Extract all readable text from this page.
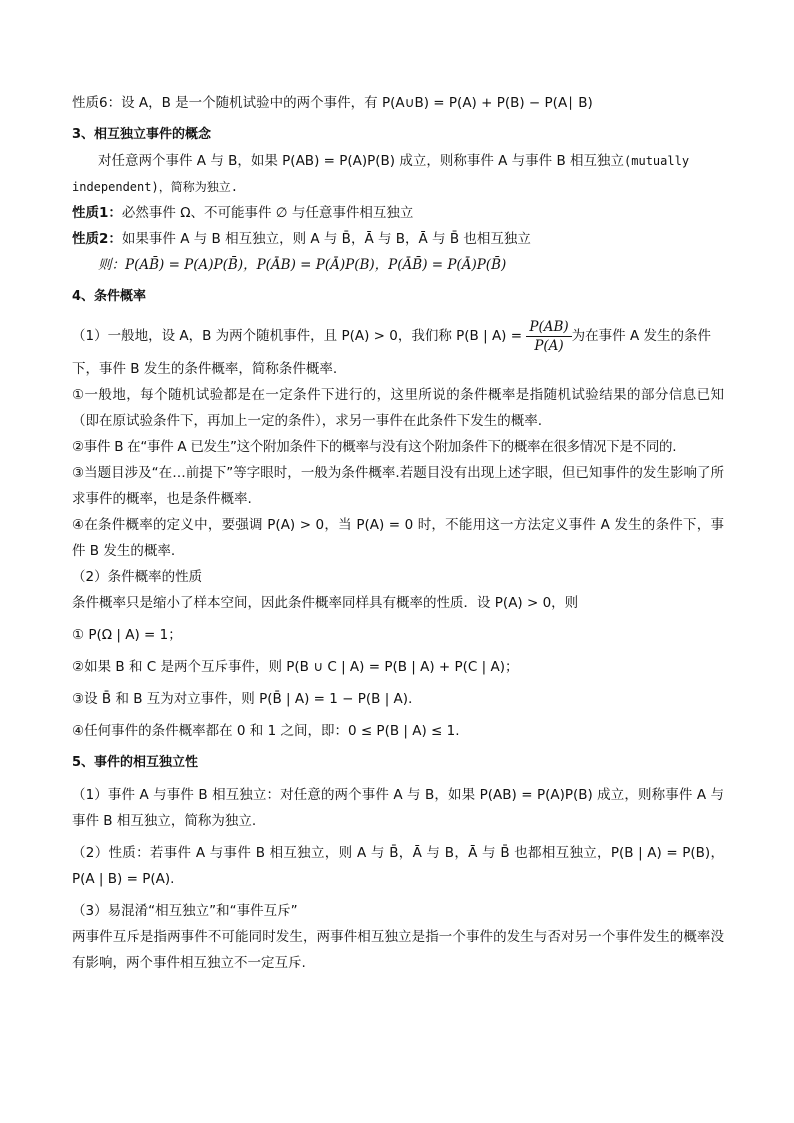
性质6：设 A，B 是一个随机试验中的两个事件，有 P(A∪B) = P(A) + P(B) − P(A∣ B)
3、相互独立事件的概念
对任意两个事件 A 与 B，如果 P(AB) = P(A)P(B) 成立，则称事件 A 与事件 B 相互独立(mutually
independent)，简称为独立.
性质1：必然事件 Ω、不可能事件 ∅ 与任意事件相互独立
性质2：如果事件 A 与 B 相互独立，则 A 与 B̄，Ā 与 B，Ā 与 B̄ 也相互独立
则：P(AB̄) = P(A)P(B̄)，P(ĀB) = P(Ā)P(B)，P(ĀB̄) = P(Ā)P(B̄)
4、条件概率
（1）一般地，设 A，B 为两个随机事件，且 P(A) > 0，我们称 P(B | $A) = \frac{P(AB)}{P(A)}$ 为在事件 A 发生的条件
下，事件 B 发生的条件概率，简称条件概率.
①一般地，每个随机试验都是在一定条件下进行的，这里所说的条件概率是指随机试验结果的部分信息已知（即在原试验条件下，再加上一定的条件），求另一事件在此条件下发生的概率.
②事件 B 在“事件 A 已发生”这个附加条件下的概率与没有这个附加条件下的概率在很多情况下是不同的.
③当题目涉及“在…前提下”等字眼时，一般为条件概率.若题目没有出现上述字眼，但已知事件的发生影响了所求事件的概率，也是条件概率.
④在条件概率的定义中，要强调 P(A) > 0，当 P(A) = 0 时，不能用这一方法定义事件 A 发生的条件下，事件 B 发生的概率.
（2）条件概率的性质
条件概率只是缩小了样本空间，因此条件概率同样具有概率的性质．设 P(A) > 0，则
① P(Ω | A) = 1；
②如果 B 和 C 是两个互斥事件，则 P(B ∪ C | A) = P(B | A) + P(C | A)；
③设 B̄ 和 B 互为对立事件，则 P(B̄ | A) = 1 − P(B | A)．
④任何事件的条件概率都在 0 和 1 之间，即：0 ≤ P(B | A) ≤ 1.
5、事件的相互独立性
（1）事件 A 与事件 B 相互独立：对任意的两个事件 A 与 B，如果 P(AB) = P(A)P(B) 成立，则称事件 A 与事件 B 相互独立，简称为独立.
（2）性质：若事件 A 与事件 B 相互独立，则 A 与 B̄，Ā 与 B，Ā 与 B̄ 也都相互独立，P(B | A) = P(B)，P(A | B) = P(A).
（3）易混淆“相互独立”和“事件互斥”
两事件互斥是指两事件不可能同时发生，两事件相互独立是指一个事件的发生与否对另一个事件发生的概率没有影响，两个事件相互独立不一定互斥.
